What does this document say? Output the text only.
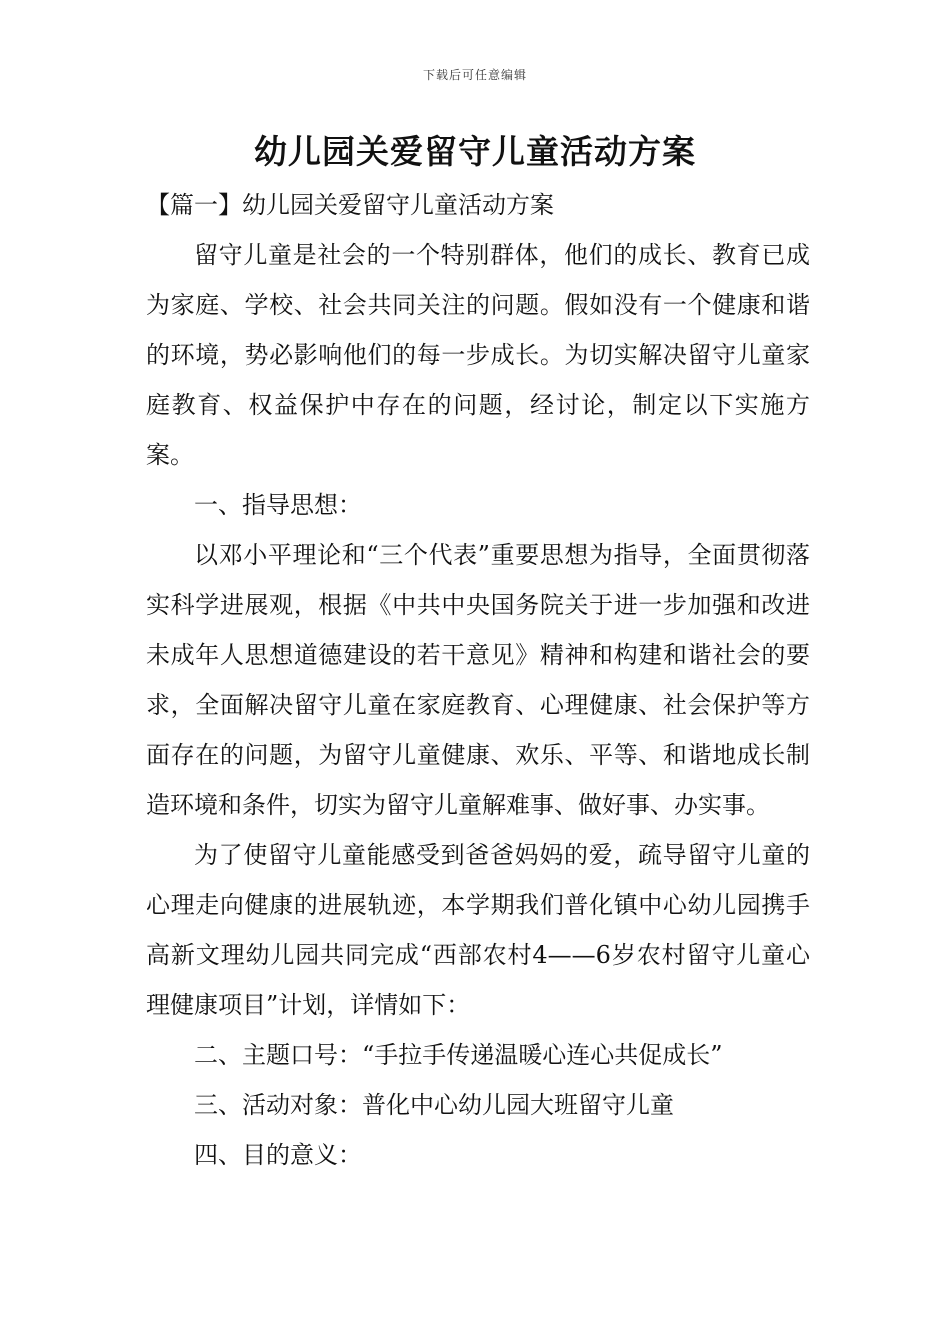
下载后可任意编辑
幼儿园关爱留守儿童活动方案

【篇一】幼儿园关爱留守儿童活动方案

留守儿童是社会的一个特别群体，他们的成长、教育已成为家庭、学校、社会共同关注的问题。假如没有一个健康和谐的环境，势必影响他们的每一步成长。为切实解决留守儿童家庭教育、权益保护中存在的问题，经讨论，制定以下实施方案。

一、指导思想：

以邓小平理论和“三个代表”重要思想为指导，全面贯彻落实科学进展观，根据《中共中央国务院关于进一步加强和改进未成年人思想道德建设的若干意见》精神和构建和谐社会的要求，全面解决留守儿童在家庭教育、心理健康、社会保护等方面存在的问题，为留守儿童健康、欢乐、平等、和谐地成长制造环境和条件，切实为留守儿童解难事、做好事、办实事。

为了使留守儿童能感受到爸爸妈妈的爱，疏导留守儿童的心理走向健康的进展轨迹，本学期我们普化镇中心幼儿园携手高新文理幼儿园共同完成“西部农村4——6岁农村留守儿童心理健康项目”计划，详情如下：

二、主题口号：“手拉手传递温暖心连心共促成长”

三、活动对象：普化中心幼儿园大班留守儿童

四、目的意义：
